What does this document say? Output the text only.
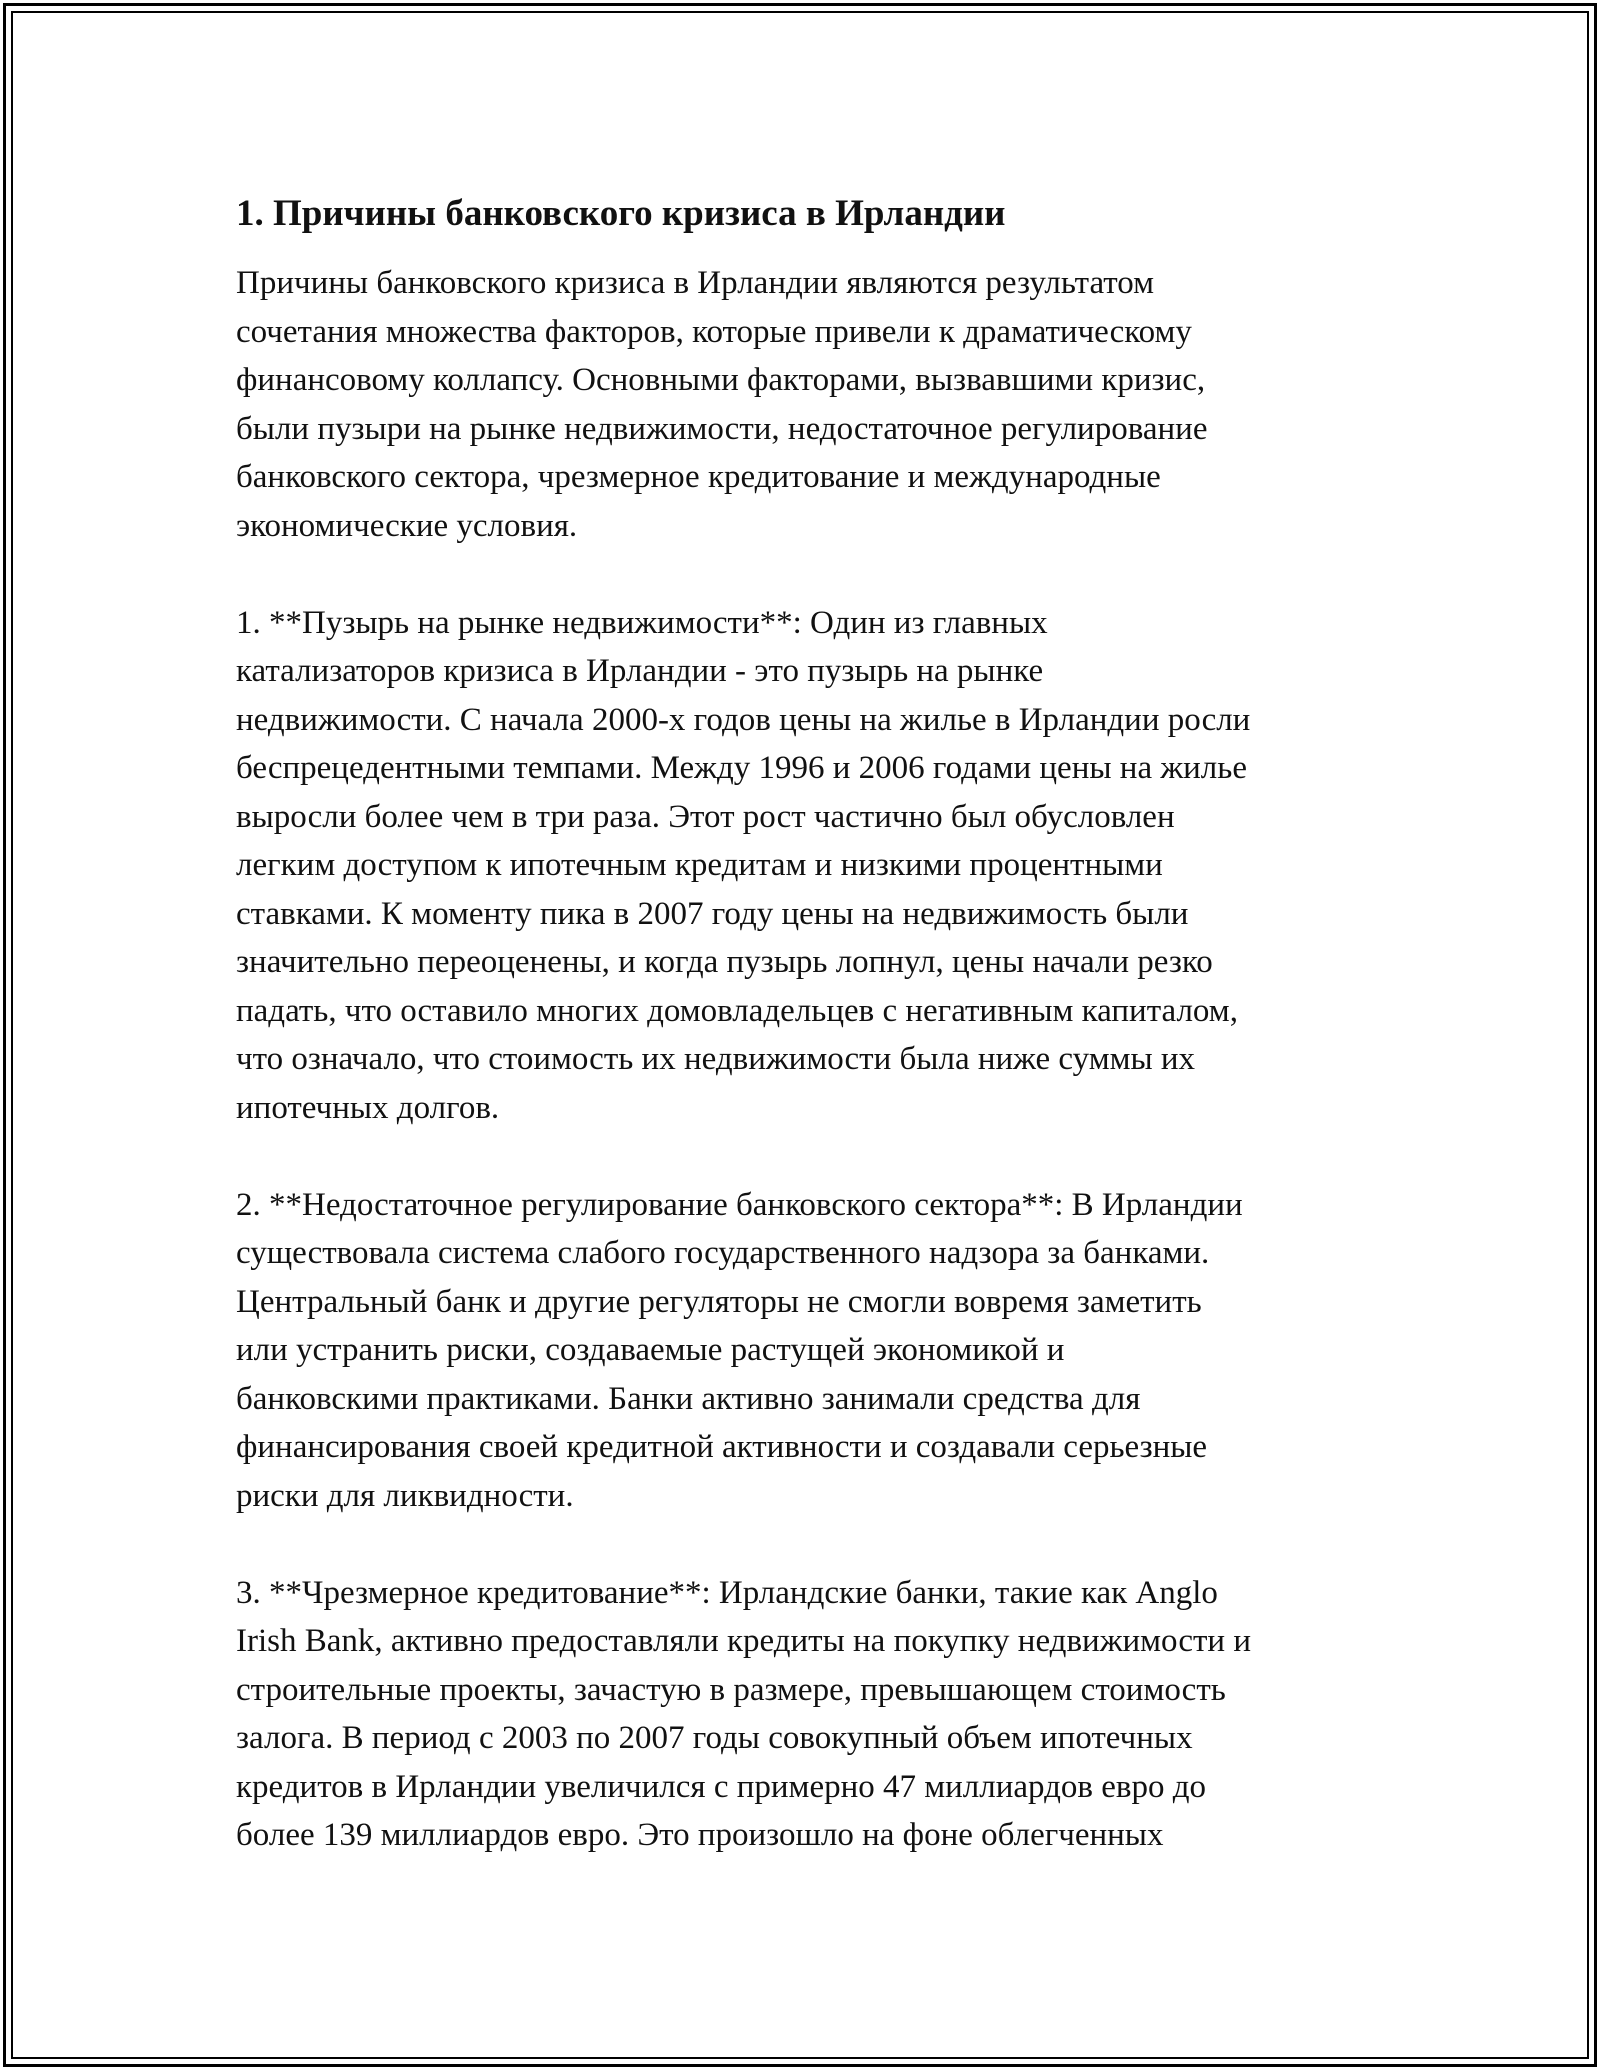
1. Причины банковского кризиса в Ирландии

Причины банковского кризиса в Ирландии являются результатом
сочетания множества факторов, которые привели к драматическому
финансовому коллапсу. Основными факторами, вызвавшими кризис,
были пузыри на рынке недвижимости, недостаточное регулирование
банковского сектора, чрезмерное кредитование и международные
экономические условия.

1. **Пузырь на рынке недвижимости**: Один из главных
катализаторов кризиса в Ирландии - это пузырь на рынке
недвижимости. С начала 2000-х годов цены на жилье в Ирландии росли
беспрецедентными темпами. Между 1996 и 2006 годами цены на жилье
выросли более чем в три раза. Этот рост частично был обусловлен
легким доступом к ипотечным кредитам и низкими процентными
ставками. К моменту пика в 2007 году цены на недвижимость были
значительно переоценены, и когда пузырь лопнул, цены начали резко
падать, что оставило многих домовладельцев с негативным капиталом,
что означало, что стоимость их недвижимости была ниже суммы их
ипотечных долгов.

2. **Недостаточное регулирование банковского сектора**: В Ирландии
существовала система слабого государственного надзора за банками.
Центральный банк и другие регуляторы не смогли вовремя заметить
или устранить риски, создаваемые растущей экономикой и
банковскими практиками. Банки активно занимали средства для
финансирования своей кредитной активности и создавали серьезные
риски для ликвидности.

3. **Чрезмерное кредитование**: Ирландские банки, такие как Anglo
Irish Bank, активно предоставляли кредиты на покупку недвижимости и
строительные проекты, зачастую в размере, превышающем стоимость
залога. В период с 2003 по 2007 годы совокупный объем ипотечных
кредитов в Ирландии увеличился с примерно 47 миллиардов евро до
более 139 миллиардов евро. Это произошло на фоне облегченных
